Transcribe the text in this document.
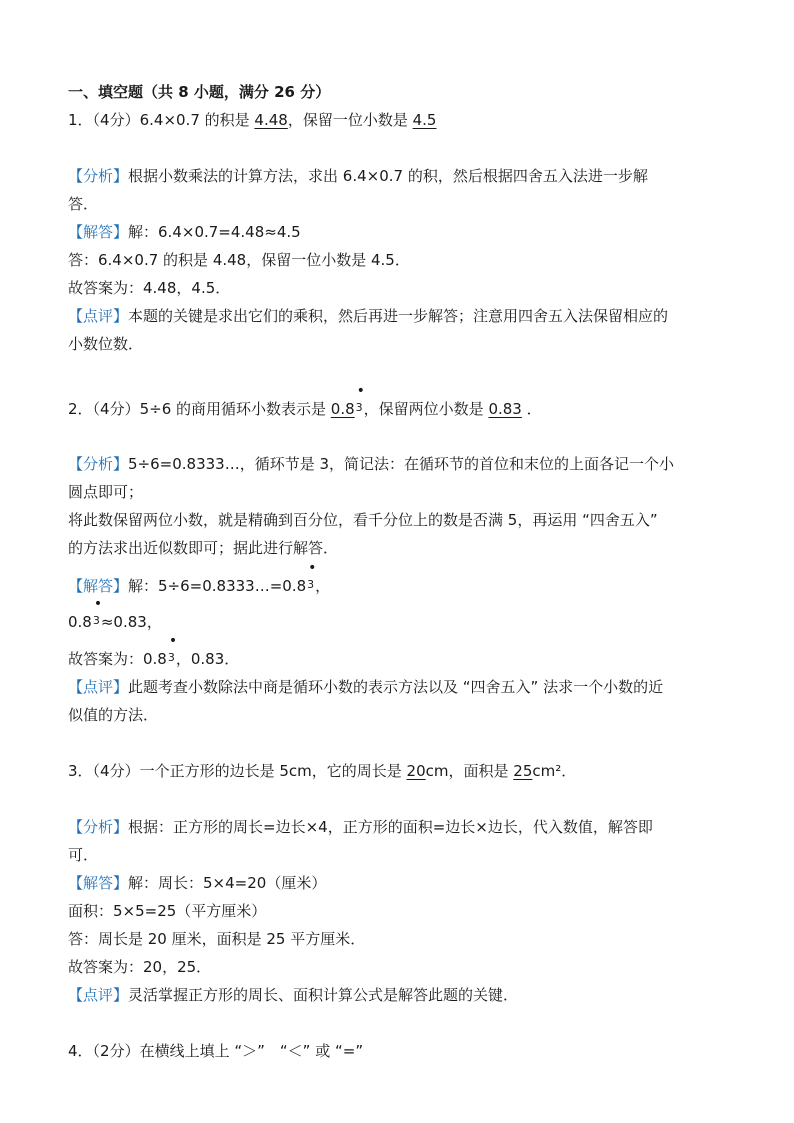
一、填空题（共 8 小题，满分 26 分）
1．（4分）6.4×0.7 的积是 4.48，保留一位小数是 4.5
【分析】根据小数乘法的计算方法，求出 6.4×0.7 的积，然后根据四舍五入法进一步解
答．
【解答】解：6.4×0.7=4.48≈4.5
答：6.4×0.7 的积是 4.48，保留一位小数是 4.5．
故答案为：4.48，4.5．
【点评】本题的关键是求出它们的乘积，然后再进一步解答；注意用四舍五入法保留相应的
小数位数．
2．（4分）5÷6 的商用循环小数表示是 0.8
•
3，保留两位小数是 0.83 ．
【分析】5÷6=0.8333…，循环节是 3，简记法：在循环节的首位和末位的上面各记一个小
圆点即可；
将此数保留两位小数，就是精确到百分位，看千分位上的数是否满 5，再运用 “四舍五入”
的方法求出近似数即可；据此进行解答．
【解答】解：5÷6=0.8333…=0.8
•
3，
0.8
•
3≈0.83，
故答案为：0.8
•
3，0.83．
【点评】此题考查小数除法中商是循环小数的表示方法以及 “四舍五入” 法求一个小数的近
似值的方法．
3．（4分）一个正方形的边长是 5cm，它的周长是 20cm，面积是 25cm²．
【分析】根据：正方形的周长=边长×4，正方形的面积=边长×边长，代入数值，解答即
可．
【解答】解：周长：5×4=20（厘米）
面积：5×5=25（平方厘米）
答：周长是 20 厘米，面积是 25 平方厘米．
故答案为：20，25．
【点评】灵活掌握正方形的周长、面积计算公式是解答此题的关键．
4．（2分）在横线上填上 “＞”　“＜” 或 “=”
